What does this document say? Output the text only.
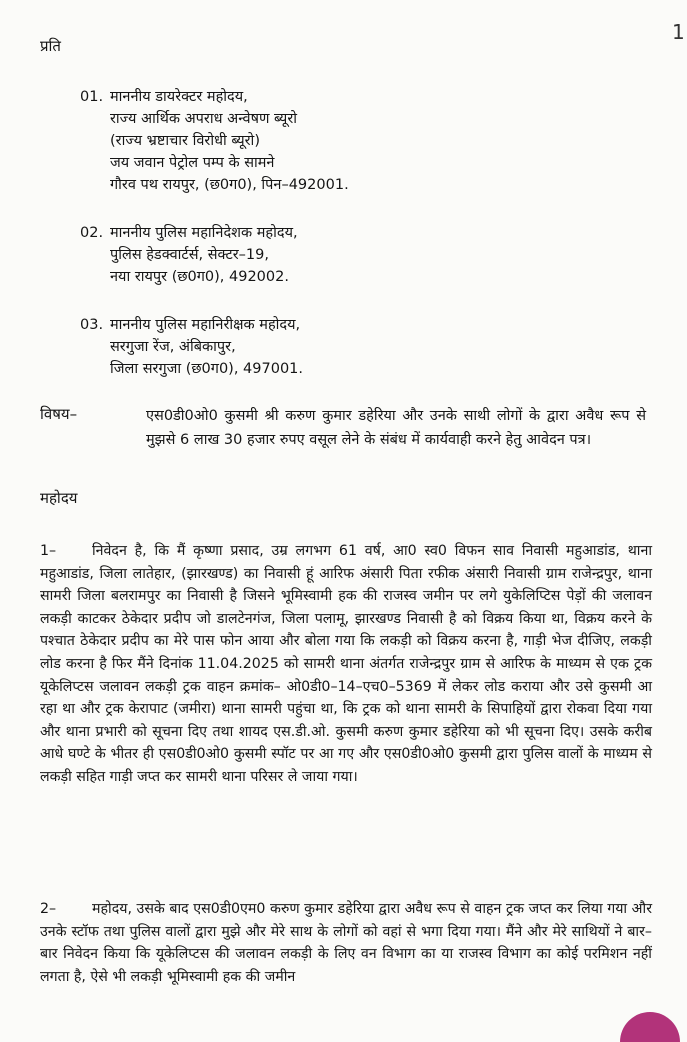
1
प्रति
01. माननीय डायरेक्टर महोदय,
राज्य आर्थिक अपराध अन्वेषण ब्यूरो
(राज्य भ्रष्टाचार विरोधी ब्यूरो)
जय जवान पेट्रोल पम्प के सामने
गौरव पथ रायपुर, (छ0ग0), पिन–492001.
02. माननीय पुलिस महानिदेशक महोदय,
पुलिस हेडक्वार्टर्स, सेक्टर–19,
नया रायपुर (छ0ग0), 492002.
03. माननीय पुलिस महानिरीक्षक महोदय,
सरगुजा रेंज, अंबिकापुर,
जिला सरगुजा (छ0ग0), 497001.
विषय–	एस0डी0ओ0 कुसमी श्री करुण कुमार डहेरिया और उनके साथी लोगों के द्वारा अवैध रूप से मुझसे 6 लाख 30 हजार रुपए वसूल लेने के संबंध में कार्यवाही करने हेतु आवेदन पत्र।
महोदय
1–	निवेदन है, कि मैं कृष्णा प्रसाद, उम्र लगभग 61 वर्ष, आ0 स्व0 विफन साव निवासी महुआडांड, थाना महुआडांड, जिला लातेहार, (झारखण्ड) का निवासी हूं आरिफ अंसारी पिता रफीक अंसारी निवासी ग्राम राजेन्द्रपुर, थाना सामरी जिला बलरामपुर का निवासी है जिसने भूमिस्वामी हक की राजस्व जमीन पर लगे युकेलिप्टिस पेड़ों की जलावन लकड़ी काटकर ठेकेदार प्रदीप जो डालटेनगंज, जिला पलामू, झारखण्ड निवासी है को विक्रय किया था, विक्रय करने के पश्चात ठेकेदार प्रदीप का मेरे पास फोन आया और बोला गया कि लकड़ी को विक्रय करना है, गाड़ी भेज दीजिए, लकड़ी लोड करना है फिर मैंने दिनांक 11.04.2025 को सामरी थाना अंतर्गत राजेन्द्रपुर ग्राम से आरिफ के माध्यम से एक ट्रक यूकेलिप्टस जलावन लकड़ी ट्रक वाहन क्रमांक– ओ0डी0–14–एच0–5369 में लेकर लोड कराया और उसे कुसमी आ रहा था और ट्रक केरापाट (जमीरा) थाना सामरी पहुंचा था, कि ट्रक को थाना सामरी के सिपाहियों द्वारा रोकवा दिया गया और थाना प्रभारी को सूचना दिए तथा शायद एस.डी.ओ. कुसमी करुण कुमार डहेरिया को भी सूचना दिए। उसके करीब आधे घण्टे के भीतर ही एस0डी0ओ0 कुसमी स्पॉट पर आ गए और एस0डी0ओ0 कुसमी द्वारा पुलिस वालों के माध्यम से लकड़ी सहित गाड़ी जप्त कर सामरी थाना परिसर ले जाया गया।
2–	महोदय, उसके बाद एस0डी0एम0 करुण कुमार डहेरिया द्वारा अवैध रूप से वाहन ट्रक जप्त कर लिया गया और उनके स्टॉफ तथा पुलिस वालों द्वारा मुझे और मेरे साथ के लोगों को वहां से भगा दिया गया। मैंने और मेरे साथियों ने बार–बार निवेदन किया कि यूकेलिप्टस की जलावन लकड़ी के लिए वन विभाग का या राजस्व विभाग का कोई परमिशन नहीं लगता है, ऐसे भी लकड़ी भूमिस्वामी हक की जमीन
